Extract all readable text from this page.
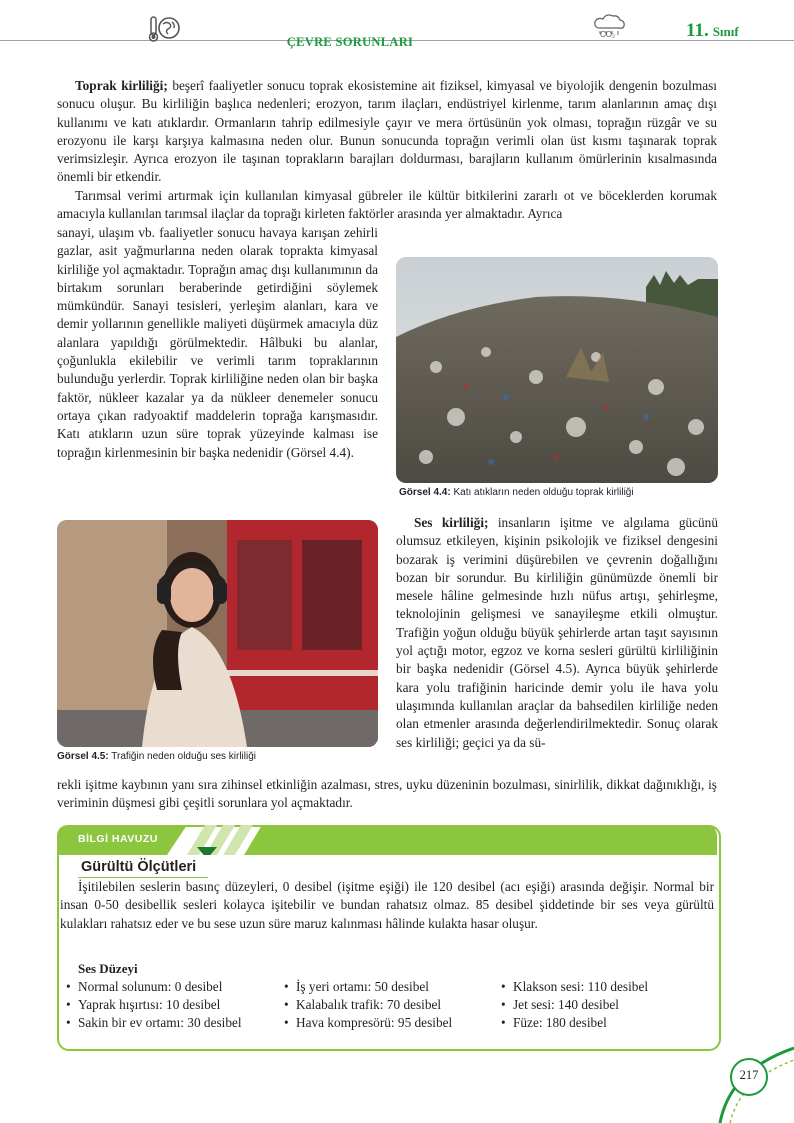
ÇEVRE SORUNLARI
CO₂	11. Sınıf

Toprak kirliliği; beşerî faaliyetler sonucu toprak ekosistemine ait fiziksel, kimyasal ve biyolojik dengenin bozulması sonucu oluşur. Bu kirliliğin başlıca nedenleri; erozyon, tarım ilaçları, endüstriyel kirlenme, tarım alanlarının amaç dışı kullanımı ve katı atıklardır. Ormanların tahrip edilmesiyle çayır ve mera örtüsünün yok olması, toprağın rüzgâr ve su erozyonu ile karşı karşıya kalmasına neden olur. Bunun sonucunda toprağın verimli olan üst kısmı taşınarak toprak verimsizleşir. Ayrıca erozyon ile taşınan toprakların barajları doldurması, barajların kullanım ömürlerinin kısalmasında önemli bir etkendir.

Tarımsal verimi artırmak için kullanılan kimyasal gübreler ile kültür bitkilerini zararlı ot ve böceklerden korumak amacıyla kullanılan tarımsal ilaçlar da toprağı kirleten faktörler arasında yer almaktadır. Ayrıca

sanayi, ulaşım vb. faaliyetler sonucu havaya karışan zehirli gazlar, asit yağmurlarına neden olarak toprakta kimyasal kirliliğe yol açmaktadır. Toprağın amaç dışı kullanımının da birtakım sorunları beraberinde getirdiğini söylemek mümkündür. Sanayi tesisleri, yerleşim alanları, kara ve demir yollarının genellikle maliyeti düşürmek amacıyla düz alanlara yapıldığı görülmektedir. Hâlbuki bu alanlar, çoğunlukla ekilebilir ve verimli tarım topraklarının bulunduğu yerlerdir. Toprak kirliliğine neden olan bir başka faktör, nükleer kazalar ya da nükleer denemeler sonucu ortaya çıkan radyoaktif maddelerin toprağa karışmasıdır. Katı atıkların uzun süre toprak yüzeyinde kalması ise toprağın kirlenmesinin bir başka nedenidir (Görsel 4.4).

Görsel 4.4: Katı atıkların neden olduğu toprak kirliliği
Görsel 4.5: Trafiğin neden olduğu ses kirliliği

Ses kirliliği; insanların işitme ve algılama gücünü olumsuz etkileyen, kişinin psikolojik ve fiziksel dengesini bozarak iş verimini düşürebilen ve çevrenin doğallığını bozan bir sorundur. Bu kirliliğin günümüzde önemli bir mesele hâline gelmesinde hızlı nüfus artışı, şehirleşme, teknolojinin gelişmesi ve sanayileşme etkili olmuştur. Trafiğin yoğun olduğu büyük şehirlerde artan taşıt sayısının yol açtığı motor, egzoz ve korna sesleri gürültü kirliliğinin bir başka nedenidir (Görsel 4.5). Ayrıca büyük şehirlerde kara yolu trafiğinin haricinde demir yolu ile hava yolu ulaşımında kullanılan araçlar da bahsedilen kirliliğe neden olan etmenler arasında değerlendirilmektedir. Sonuç olarak ses kirliliği; geçici ya da sü-

rekli işitme kaybının yanı sıra zihinsel etkinliğin azalması, stres, uyku düzeninin bozulması, sinirlilik, dikkat dağınıklığı, iş veriminin düşmesi gibi çeşitli sorunlara yol açmaktadır.

BİLGİ HAVUZU
Gürültü Ölçütleri

İşitilebilen seslerin basınç düzeyleri, 0 desibel (işitme eşiği) ile 120 desibel (acı eşiği) arasında değişir. Normal bir insan 0-50 desibellik sesleri kolayca işitebilir ve bundan rahatsız olmaz. 85 desibel şiddetinde bir ses veya gürültü kulakları rahatsız eder ve bu sese uzun süre maruz kalınması hâlinde kulakta hasar oluşur.

Ses Düzeyi
• Normal solunum: 0 desibel
• Yaprak hışırtısı: 10 desibel
• Sakin bir ev ortamı: 30 desibel
• İş yeri ortamı: 50 desibel
• Kalabalık trafik: 70 desibel
• Hava kompresörü: 95 desibel
• Klakson sesi: 110 desibel
• Jet sesi: 140 desibel
• Füze: 180 desibel
217
